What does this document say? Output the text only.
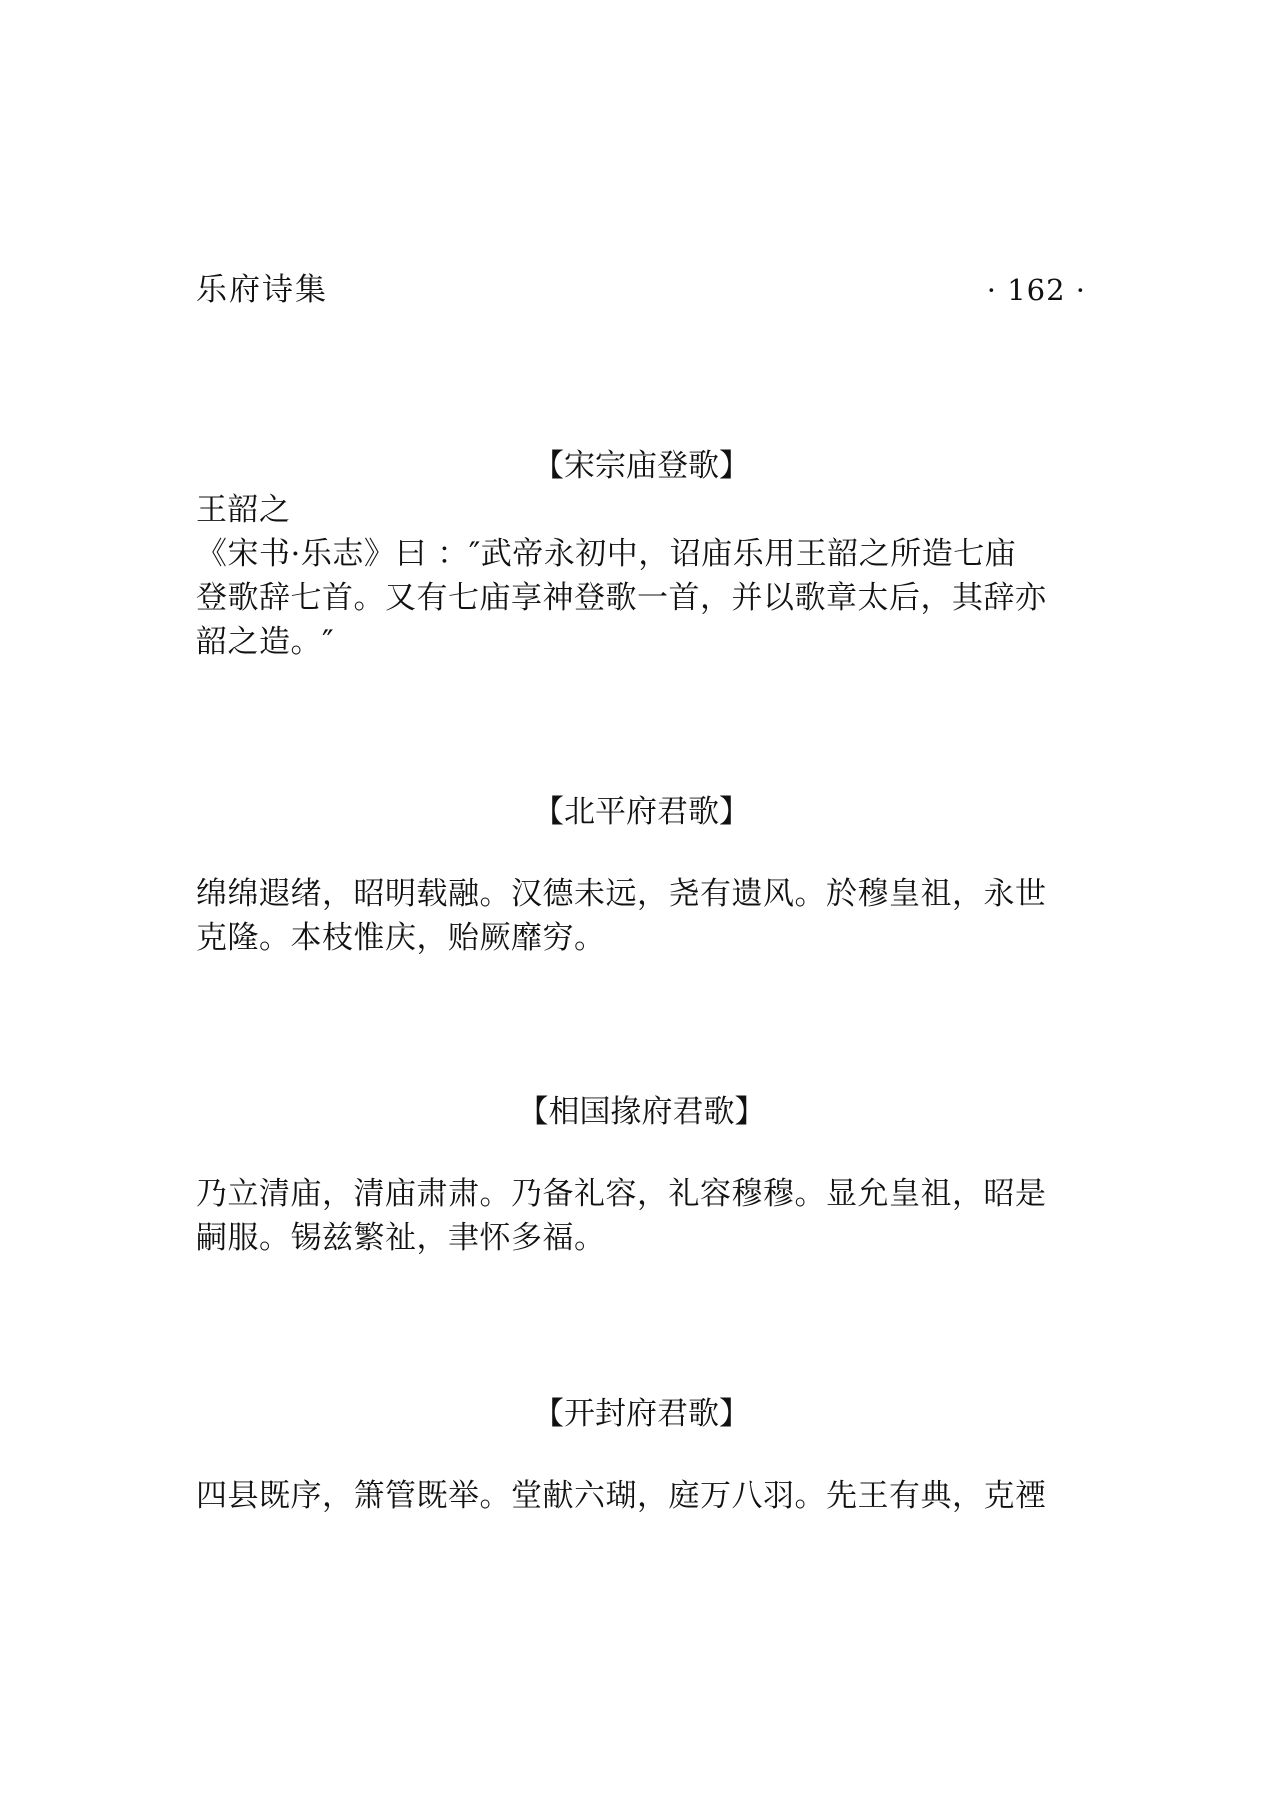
乐府诗集	· 162 ·
【宋宗庙登歌】

王韶之

《宋书·乐志》曰 ：″武帝永初中，诏庙乐用王韶之所造七庙

登歌辞七首。又有七庙享神登歌一首，并以歌章太后，其辞亦

韶之造。″

【北平府君歌】

绵绵遐绪，昭明载融。汉德未远，尧有遗风。於穆皇祖，永世

克隆。本枝惟庆，贻厥靡穷。

【相国掾府君歌】

乃立清庙，清庙肃肃。乃备礼容，礼容穆穆。显允皇祖，昭是

嗣服。锡兹繁祉，聿怀多福。

【开封府君歌】

四县既序，箫管既举。堂献六瑚，庭万八羽。先王有典，克禋
